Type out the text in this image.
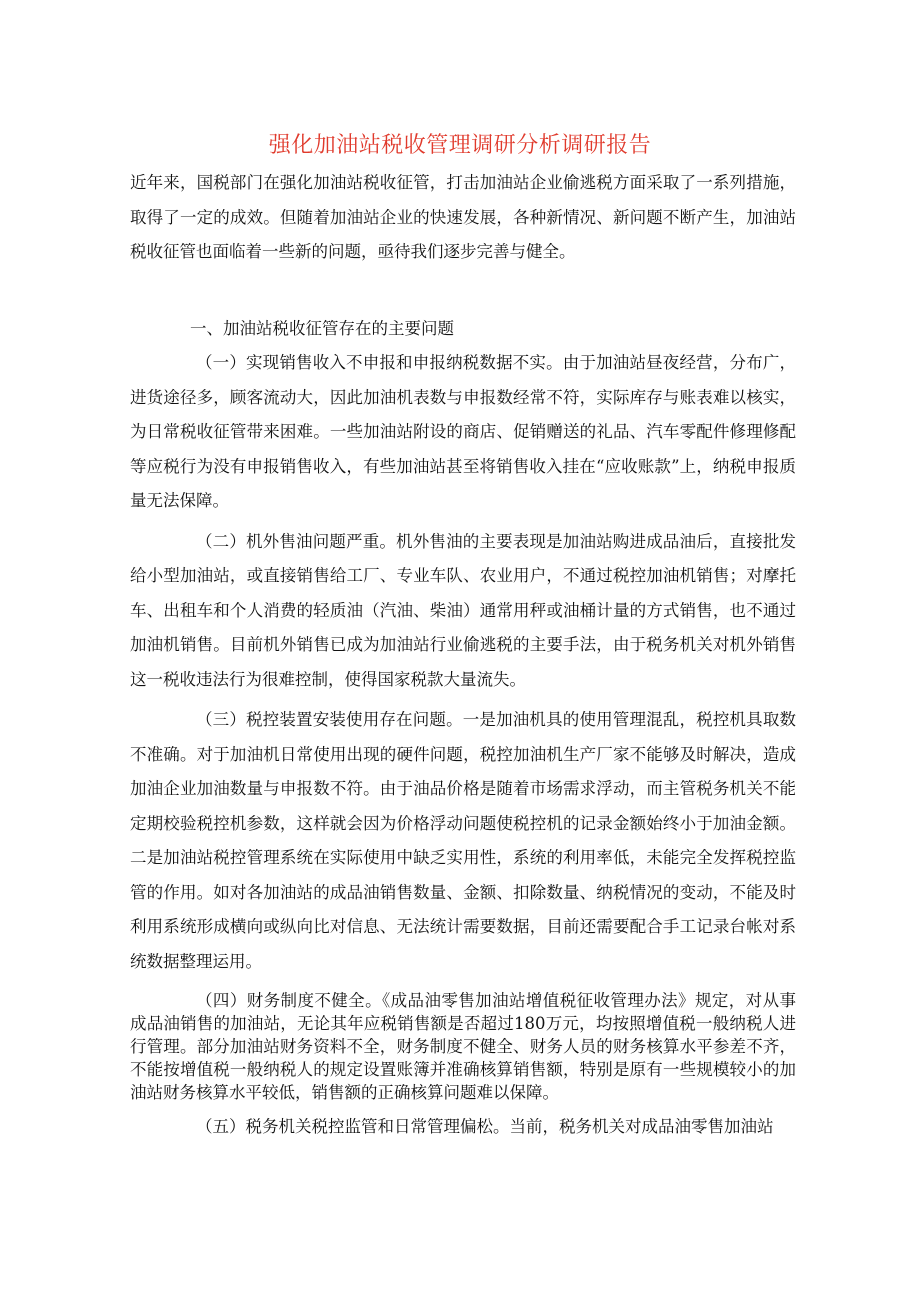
强化加油站税收管理调研分析调研报告

近年来，国税部门在强化加油站税收征管，打击加油站企业偷逃税方面采取了一系列措施，取得了一定的成效。但随着加油站企业的快速发展，各种新情况、新问题不断产生，加油站税收征管也面临着一些新的问题，亟待我们逐步完善与健全。

一、加油站税收征管存在的主要问题

（一）实现销售收入不申报和申报纳税数据不实。由于加油站昼夜经营，分布广，进货途径多，顾客流动大，因此加油机表数与申报数经常不符，实际库存与账表难以核实，为日常税收征管带来困难。一些加油站附设的商店、促销赠送的礼品、汽车零配件修理修配等应税行为没有申报销售收入，有些加油站甚至将销售收入挂在“应收账款”上，纳税申报质量无法保障。

（二）机外售油问题严重。机外售油的主要表现是加油站购进成品油后，直接批发给小型加油站，或直接销售给工厂、专业车队、农业用户，不通过税控加油机销售；对摩托车、出租车和个人消费的轻质油（汽油、柴油）通常用秤或油桶计量的方式销售，也不通过加油机销售。目前机外销售已成为加油站行业偷逃税的主要手法，由于税务机关对机外销售这一税收违法行为很难控制，使得国家税款大量流失。

（三）税控装置安装使用存在问题。一是加油机具的使用管理混乱，税控机具取数不准确。对于加油机日常使用出现的硬件问题，税控加油机生产厂家不能够及时解决，造成加油企业加油数量与申报数不符。由于油品价格是随着市场需求浮动，而主管税务机关不能定期校验税控机参数，这样就会因为价格浮动问题使税控机的记录金额始终小于加油金额。二是加油站税控管理系统在实际使用中缺乏实用性，系统的利用率低，未能完全发挥税控监管的作用。如对各加油站的成品油销售数量、金额、扣除数量、纳税情况的变动，不能及时利用系统形成横向或纵向比对信息、无法统计需要数据，目前还需要配合手工记录台帐对系统数据整理运用。

（四）财务制度不健全。《成品油零售加油站增值税征收管理办法》规定，对从事成品油销售的加油站，无论其年应税销售额是否超过180万元，均按照增值税一般纳税人进行管理。部分加油站财务资料不全，财务制度不健全、财务人员的财务核算水平参差不齐，不能按增值税一般纳税人的规定设置账簿并准确核算销售额，特别是原有一些规模较小的加油站财务核算水平较低，销售额的正确核算问题难以保障。

（五）税务机关税控监管和日常管理偏松。当前，税务机关对成品油零售加油站
